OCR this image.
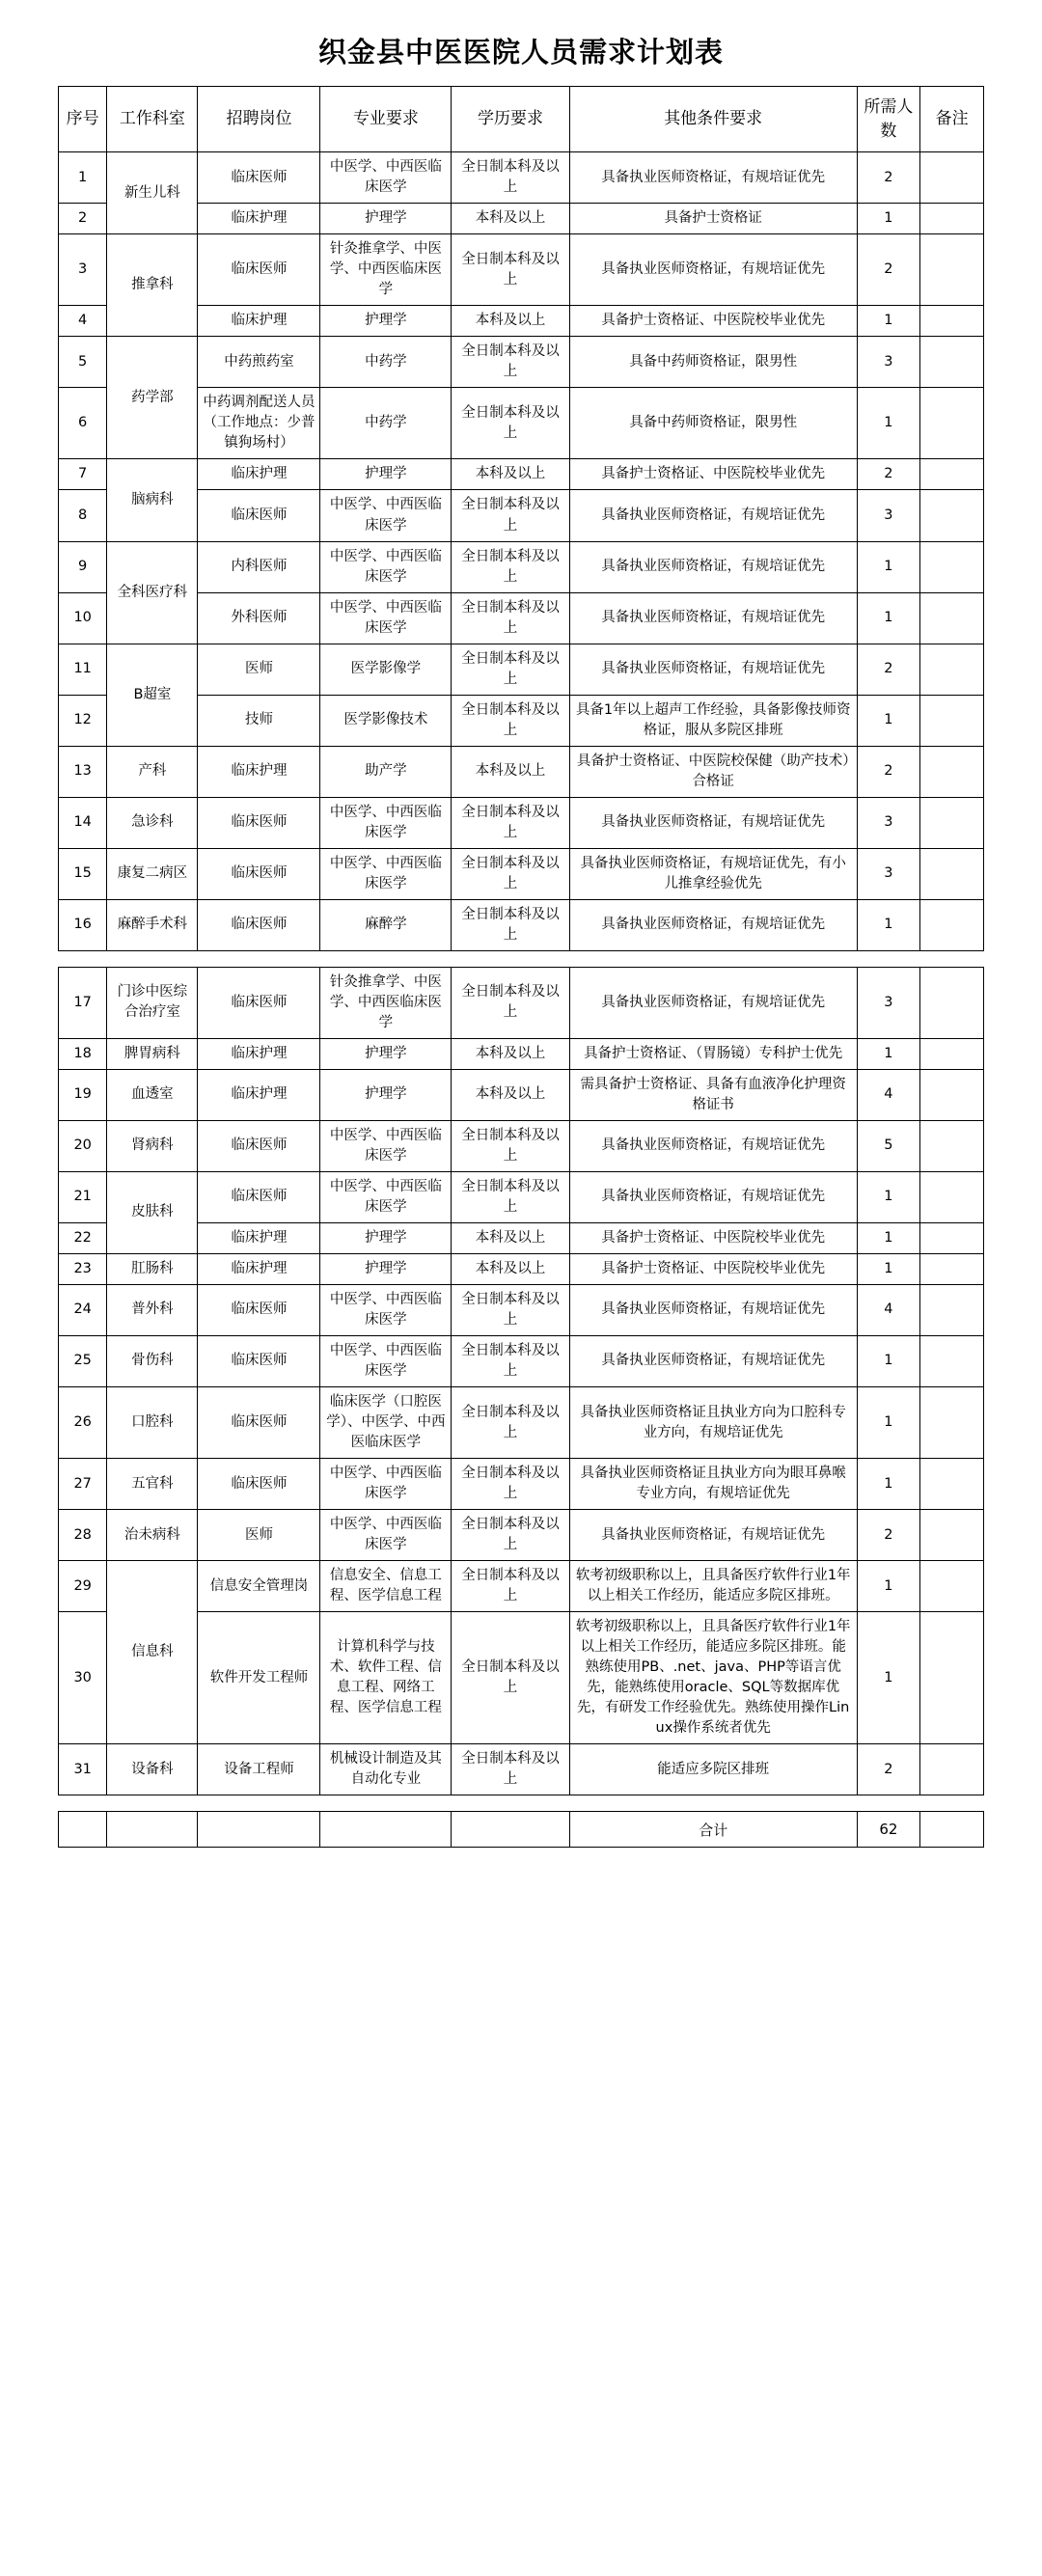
织金县中医医院人员需求计划表
序号	工作科室	招聘岗位	专业要求	学历要求	其他条件要求	所需人数	备注
1	新生儿科	临床医师	中医学、中西医临床医学	全日制本科及以上	具备执业医师资格证，有规培证优先	2	
2		临床护理	护理学	本科及以上	具备护士资格证	1	
3	推拿科	临床医师	针灸推拿学、中医学、中西医临床医学	全日制本科及以上	具备执业医师资格证，有规培证优先	2	
4		临床护理	护理学	本科及以上	具备护士资格证、中医院校毕业优先	1	
5	药学部	中药煎药室	中药学	全日制本科及以上	具备中药师资格证，限男性	3	
6		中药调剂配送人员（工作地点：少普镇狗场村）	中药学	全日制本科及以上	具备中药师资格证，限男性	1	
7	脑病科	临床护理	护理学	本科及以上	具备护士资格证、中医院校毕业优先	2	
8		临床医师	中医学、中西医临床医学	全日制本科及以上	具备执业医师资格证，有规培证优先	3	
9	全科医疗科	内科医师	中医学、中西医临床医学	全日制本科及以上	具备执业医师资格证，有规培证优先	1	
10		外科医师	中医学、中西医临床医学	全日制本科及以上	具备执业医师资格证，有规培证优先	1	
11	B超室	医师	医学影像学	全日制本科及以上	具备执业医师资格证，有规培证优先	2	
12		技师	医学影像技术	全日制本科及以上	具备1年以上超声工作经验，具备影像技师资格证，服从多院区排班	1	
13	产科	临床护理	助产学	本科及以上	具备护士资格证、中医院校保健（助产技术）合格证	2	
14	急诊科	临床医师	中医学、中西医临床医学	全日制本科及以上	具备执业医师资格证，有规培证优先	3	
15	康复二病区	临床医师	中医学、中西医临床医学	全日制本科及以上	具备执业医师资格证，有规培证优先，有小儿推拿经验优先	3	
16	麻醉手术科	临床医师	麻醉学	全日制本科及以上	具备执业医师资格证，有规培证优先	1	
17	门诊中医综合治疗室	临床医师	针灸推拿学、中医学、中西医临床医学	全日制本科及以上	具备执业医师资格证，有规培证优先	3	
18	脾胃病科	临床护理	护理学	本科及以上	具备护士资格证、（胃肠镜）专科护士优先	1	
19	血透室	临床护理	护理学	本科及以上	需具备护士资格证、具备有血液净化护理资格证书	4	
20	肾病科	临床医师	中医学、中西医临床医学	全日制本科及以上	具备执业医师资格证，有规培证优先	5	
21	皮肤科	临床医师	中医学、中西医临床医学	全日制本科及以上	具备执业医师资格证，有规培证优先	1	
22		临床护理	护理学	本科及以上	具备护士资格证、中医院校毕业优先	1	
23	肛肠科	临床护理	护理学	本科及以上	具备护士资格证、中医院校毕业优先	1	
24	普外科	临床医师	中医学、中西医临床医学	全日制本科及以上	具备执业医师资格证，有规培证优先	4	
25	骨伤科	临床医师	中医学、中西医临床医学	全日制本科及以上	具备执业医师资格证，有规培证优先	1	
26	口腔科	临床医师	临床医学（口腔医学）、中医学、中西医临床医学	全日制本科及以上	具备执业医师资格证且执业方向为口腔科专业方向，有规培证优先	1	
27	五官科	临床医师	中医学、中西医临床医学	全日制本科及以上	具备执业医师资格证且执业方向为眼耳鼻喉专业方向，有规培证优先	1	
28	治未病科	医师	中医学、中西医临床医学	全日制本科及以上	具备执业医师资格证，有规培证优先	2	
29	信息科	信息安全管理岗	信息安全、信息工程、医学信息工程	全日制本科及以上	软考初级职称以上，且具备医疗软件行业1年以上相关工作经历，能适应多院区排班。	1	
30		软件开发工程师	计算机科学与技术、软件工程、信息工程、网络工程、医学信息工程	全日制本科及以上	软考初级职称以上，且具备医疗软件行业1年以上相关工作经历，能适应多院区排班。能熟练使用PB、.net、java、PHP等语言优先，能熟练使用oracle、SQL等数据库优先，有研发工作经验优先。熟练使用操作Linux操作系统者优先	1	
31	设备科	设备工程师	机械设计制造及其自动化专业	全日制本科及以上	能适应多院区排班	2	
					合计	62	
